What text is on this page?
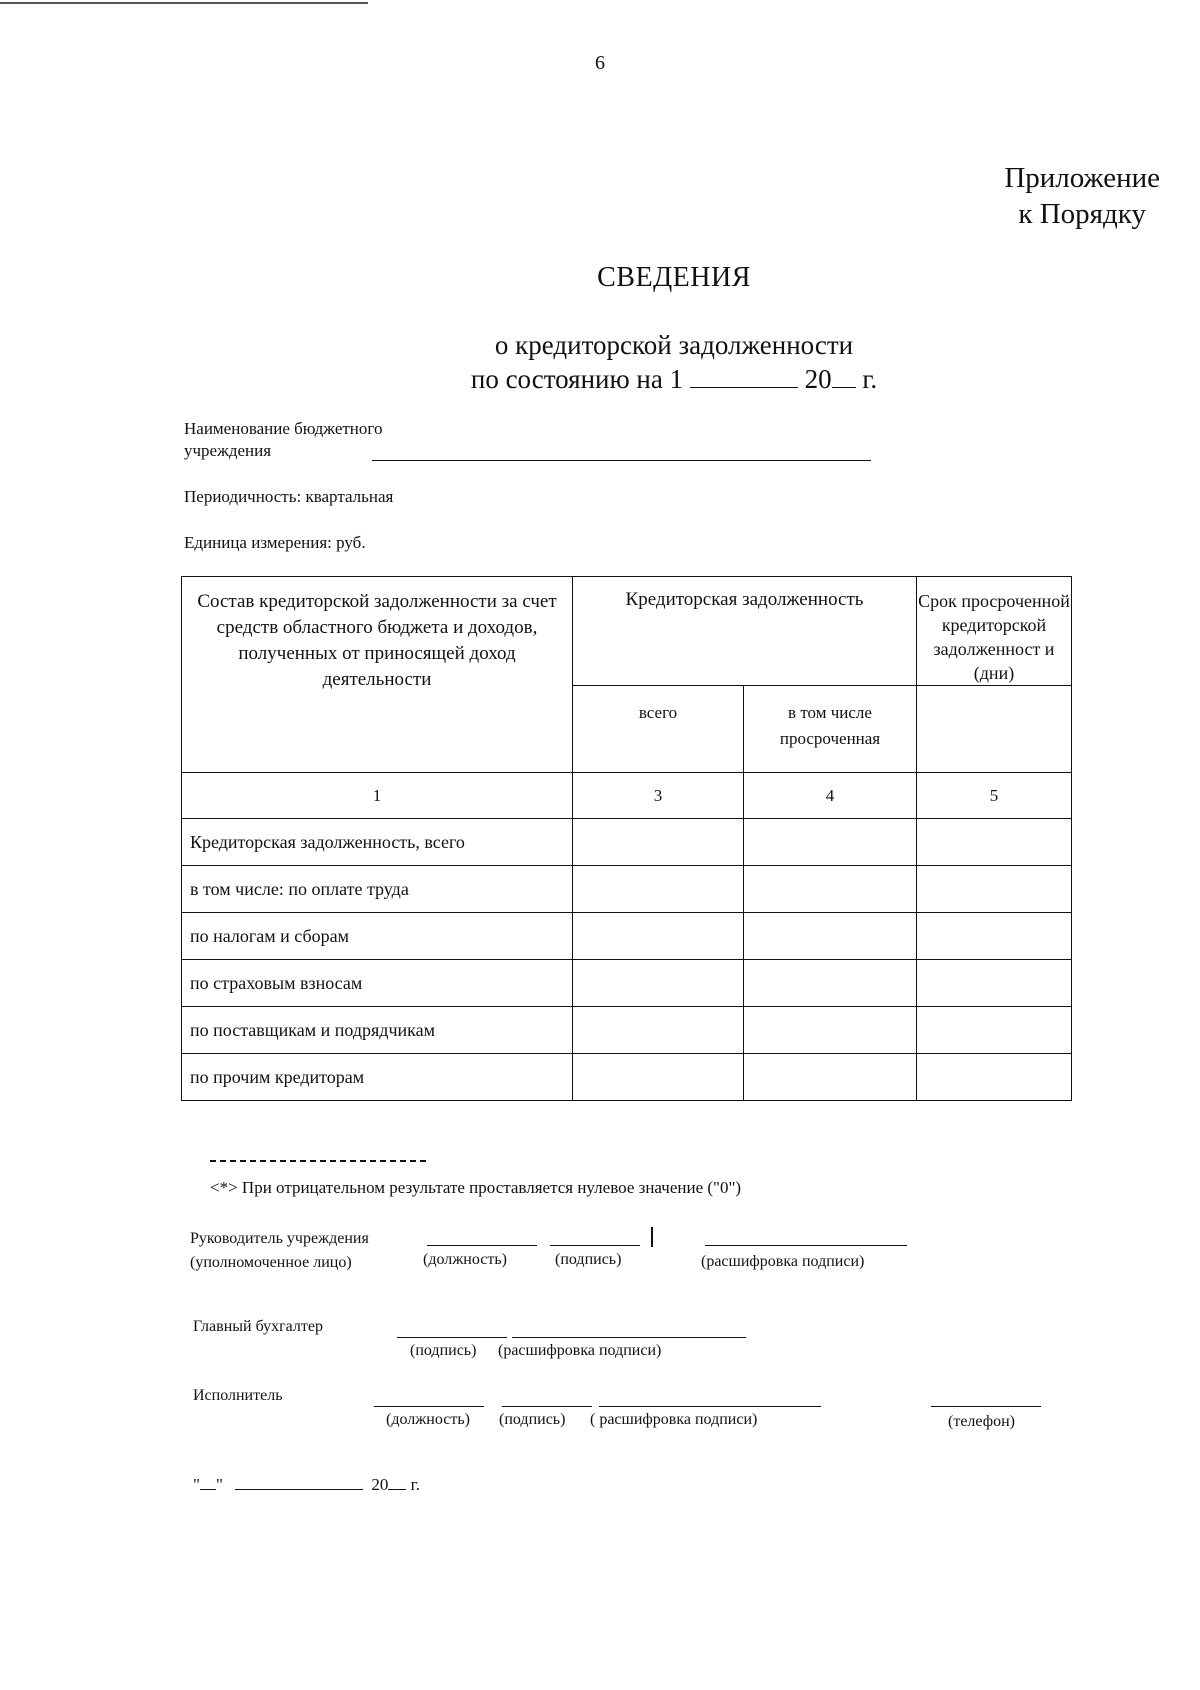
6
Приложение
к Порядку
СВЕДЕНИЯ
о кредиторской задолженности
по состоянию на 1	20 г.
Наименование бюджетного
учреждения
Периодичность: квартальная
Единица измерения: руб.
Состав кредиторской задолженности за счет средств областного бюджета и доходов, полученных от приносящей доход деятельности	Кредиторская задолженность		Срок просроченной кредиторской задолженност и (дни)
	всего	в том числе просроченная	
1	3	4	5
Кредиторская задолженность, всего			
в том числе: по оплате труда			
по налогам и сборам			
по страховым взносам			
по поставщикам и подрядчикам			
по прочим кредиторам			
<*> При отрицательном результате проставляется нулевое значение ("0")
Руководитель учреждения
(уполномоченное лицо)	(должность)	(подпись)	(расшифровка подписи)
Главный бухгалтер
(подпись) (расшифровка подписи)
Исполнитель
(должность) (подпись) ( расшифровка подписи)	(телефон)
" "	20 г.
